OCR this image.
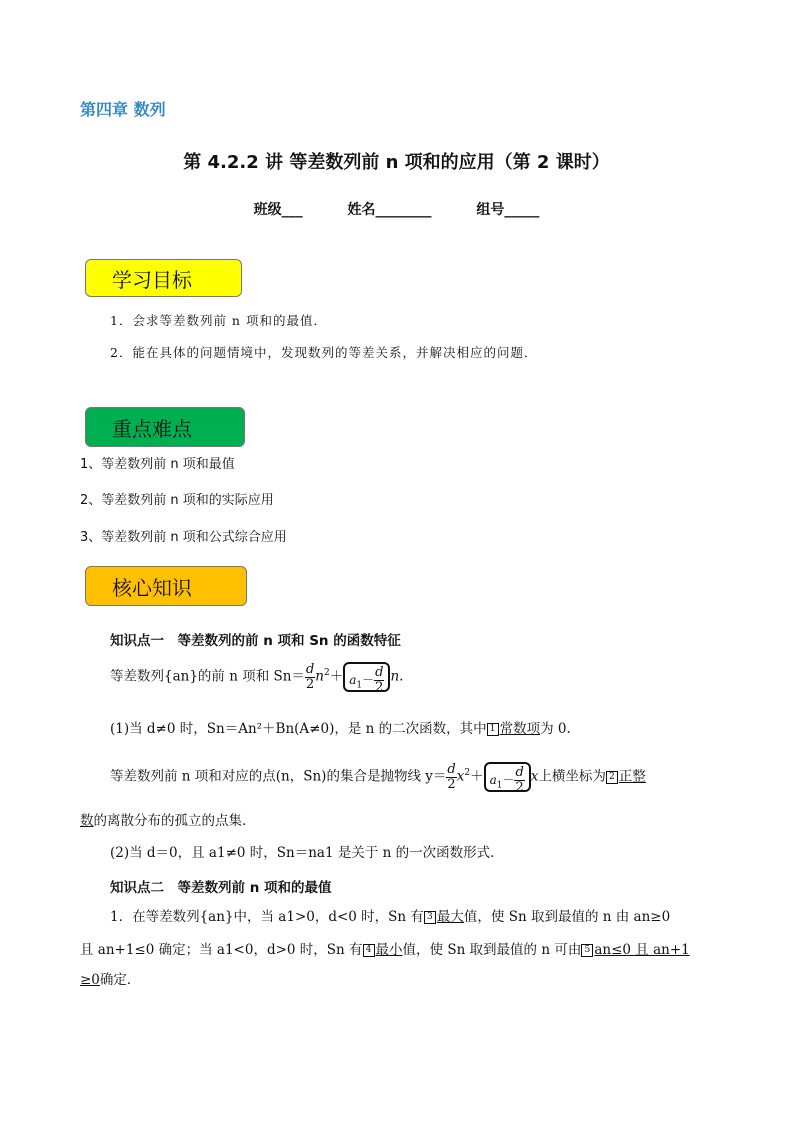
第四章 数列
第 4.2.2 讲 等差数列前 n 项和的应用（第 2 课时）
班级___	姓名________	组号_____
学习目标
1．会求等差数列前 n 项和的最值．
2．能在具体的问题情境中，发现数列的等差关系，并解决相应的问题．
重点难点
1、等差数列前 n 项和最值
2、等差数列前 n 项和的实际应用
3、等差数列前 n 项和公式综合应用
核心知识
知识点一　等差数列的前 n 项和 Sn 的函数特征
等差数列{an}的前 n 项和 $Sn= \frac{d}{2} n^2+ a_1- \frac{d}{2} n$.
(1)当 d≠0 时，Sn＝An²＋Bn(A≠0)，是 n 的二次函数，其中 1 常数项为 0.
等差数列前 n 项和对应的点(n，Sn)的集合是抛物线 $y= \frac{d}{2} x^2+ a_1- \frac{d}{2}$ x上横坐标为 2 正整
数的离散分布的孤立的点集．
(2)当 d＝0，且 a1≠0 时，Sn＝na1 是关于 n 的一次函数形式．
知识点二　等差数列前 n 项和的最值
1．在等差数列{an}中，当 a1>0，d<0 时，Sn 有 3 最大值，使 Sn 取到最值的 n 由 an≥0
且 an+1≤0 确定；当 a1<0，d>0 时，Sn 有 4 最小值，使 Sn 取到最值的 n 可由 5 an≤0 且 an+1
≥0确定．
